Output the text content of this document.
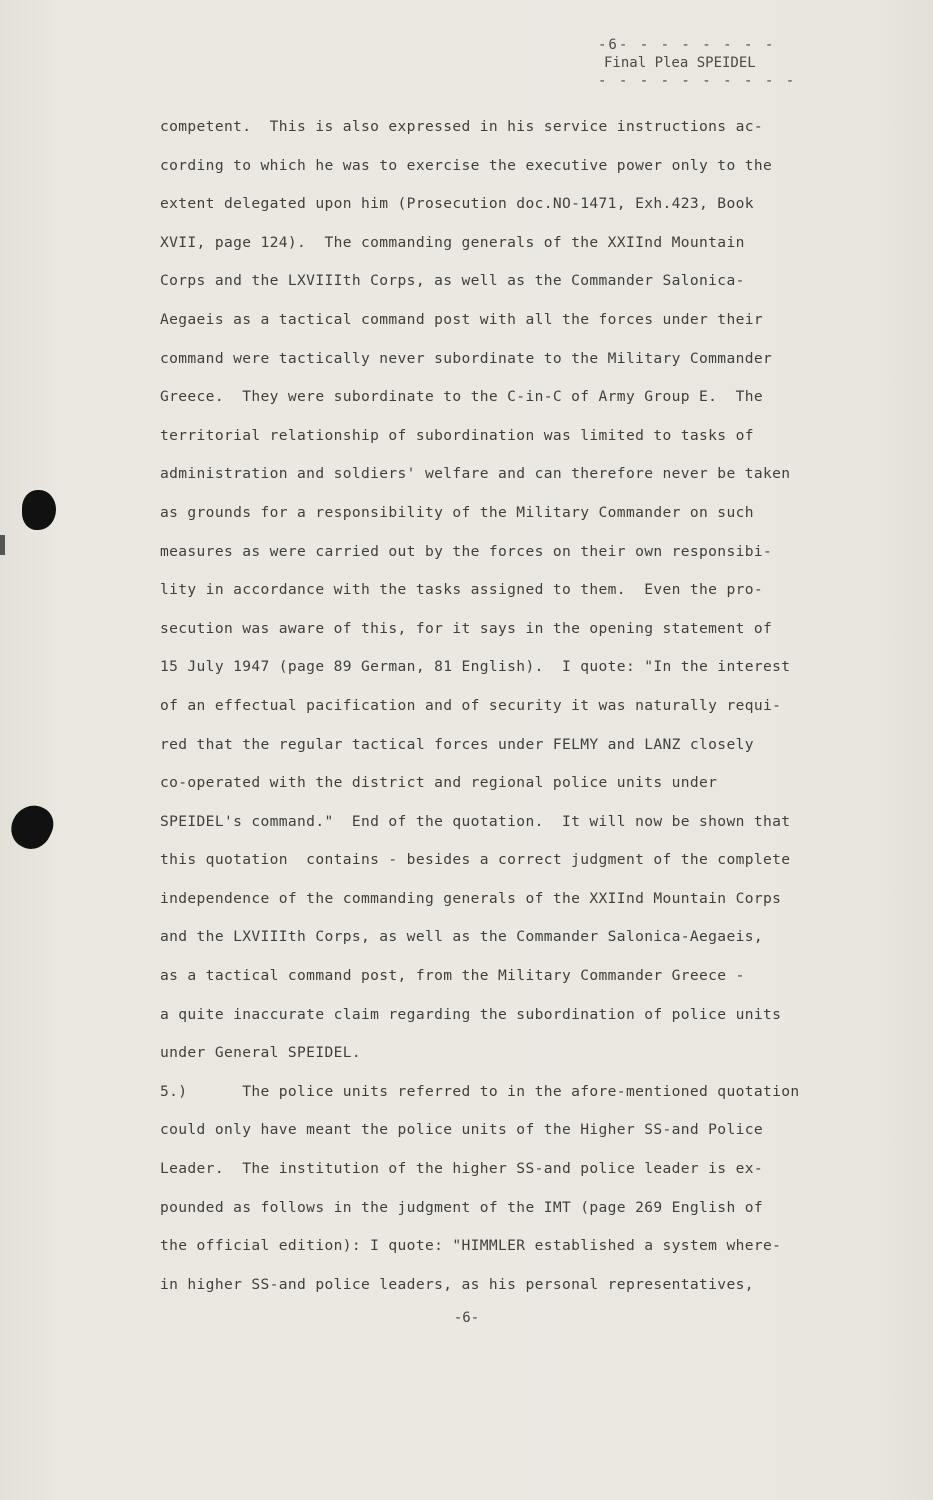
-6- - - - - - - -
Final Plea SPEIDEL
- - - - - - - - - -
competent.  This is also expressed in his service instructions ac-
cording to which he was to exercise the executive power only to the
extent delegated upon him (Prosecution doc.NO-1471, Exh.423, Book
XVII, page 124).  The commanding generals of the XXIInd Mountain
Corps and the LXVIIIth Corps, as well as the Commander Salonica-
Aegaeis as a tactical command post with all the forces under their
command were tactically never subordinate to the Military Commander
Greece.  They were subordinate to the C-in-C of Army Group E.  The
territorial relationship of subordination was limited to tasks of
administration and soldiers' welfare and can therefore never be taken
as grounds for a responsibility of the Military Commander on such
measures as were carried out by the forces on their own responsibi-
lity in accordance with the tasks assigned to them.  Even the pro-
secution was aware of this, for it says in the opening statement of
15 July 1947 (page 89 German, 81 English).  I quote: "In the interest
of an effectual pacification and of security it was naturally requi-
red that the regular tactical forces under FELMY and LANZ closely
co-operated with the district and regional police units under
SPEIDEL's command."  End of the quotation.  It will now be shown that
this quotation  contains - besides a correct judgment of the complete
independence of the commanding generals of the XXIInd Mountain Corps
and the LXVIIIth Corps, as well as the Commander Salonica-Aegaeis,
as a tactical command post, from the Military Commander Greece -
a quite inaccurate claim regarding the subordination of police units
under General SPEIDEL.
5.)      The police units referred to in the afore-mentioned quotation
could only have meant the police units of the Higher SS-and Police
Leader.  The institution of the higher SS-and police leader is ex-
pounded as follows in the judgment of the IMT (page 269 English of
the official edition): I quote: "HIMMLER established a system where-
in higher SS-and police leaders, as his personal representatives,
-6-
